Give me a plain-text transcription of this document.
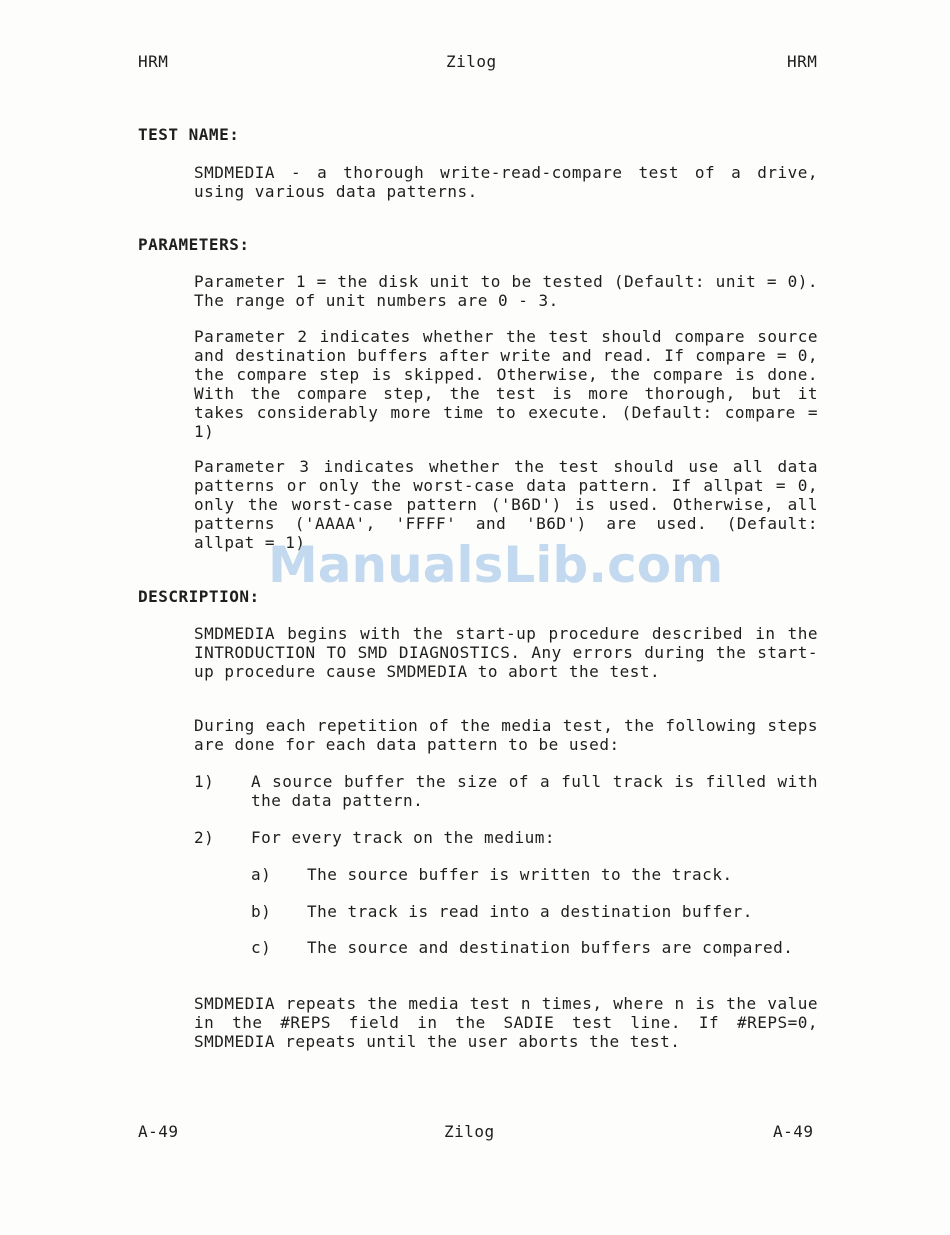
HRM	Zilog	HRM
TEST NAME:
SMDMEDIA - a thorough write-read-compare test of a drive, using various data patterns.
PARAMETERS:
Parameter 1 = the disk unit to be tested (Default: unit = 0). The range of unit numbers are 0 - 3.
Parameter 2 indicates whether the test should compare source and destination buffers after write and read. If compare = 0, the compare step is skipped. Otherwise, the compare is done. With the compare step, the test is more thorough, but it takes considerably more time to execute. (Default: compare = 1)
Parameter 3 indicates whether the test should use all data patterns or only the worst-case data pattern. If allpat = 0, only the worst-case pattern ('B6D') is used. Otherwise, all patterns ('AAAA', 'FFFF' and 'B6D') are used. (Default: allpat = 1)
ManualsLib.com
DESCRIPTION:
SMDMEDIA begins with the start-up procedure described in the INTRODUCTION TO SMD DIAGNOSTICS. Any errors during the start-up procedure cause SMDMEDIA to abort the test.
During each repetition of the media test, the following steps are done for each data pattern to be used:
1) A source buffer the size of a full track is filled with the data pattern.
2) For every track on the medium:
a) The source buffer is written to the track.
b) The track is read into a destination buffer.
c) The source and destination buffers are compared.
SMDMEDIA repeats the media test n times, where n is the value in the #REPS field in the SADIE test line. If #REPS=0, SMDMEDIA repeats until the user aborts the test.
A-49	Zilog	A-49
